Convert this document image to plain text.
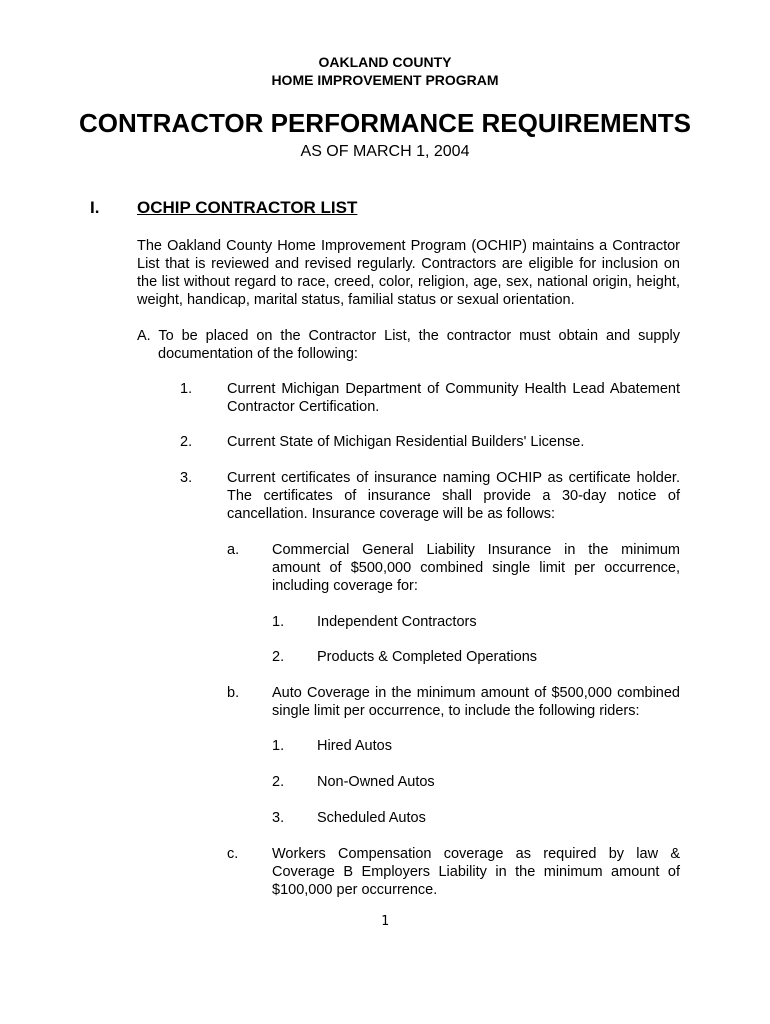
OAKLAND COUNTY
HOME IMPROVEMENT PROGRAM
CONTRACTOR PERFORMANCE REQUIREMENTS
AS OF MARCH 1, 2004
I. OCHIP CONTRACTOR LIST
The Oakland County Home Improvement Program (OCHIP) maintains a Contractor
List that is reviewed and revised regularly. Contractors are eligible for inclusion on
the list without regard to race, creed, color, religion, age, sex, national origin, height,
weight, handicap, marital status, familial status or sexual orientation.
A. To be placed on the Contractor List, the contractor must obtain and supply
documentation of the following:
1. Current Michigan Department of Community Health Lead Abatement
Contractor Certification.
2. Current State of Michigan Residential Builders' License.
3. Current certificates of insurance naming OCHIP as certificate holder.
The certificates of insurance shall provide a 30-day notice of
cancellation. Insurance coverage will be as follows:
a. Commercial General Liability Insurance in the minimum
amount of $500,000 combined single limit per occurrence,
including coverage for:
1. Independent Contractors
2. Products & Completed Operations
b. Auto Coverage in the minimum amount of $500,000 combined
single limit per occurrence, to include the following riders:
1. Hired Autos
2. Non-Owned Autos
3. Scheduled Autos
c. Workers Compensation coverage as required by law &
Coverage B Employers Liability in the minimum amount of
$100,000 per occurrence.
1
